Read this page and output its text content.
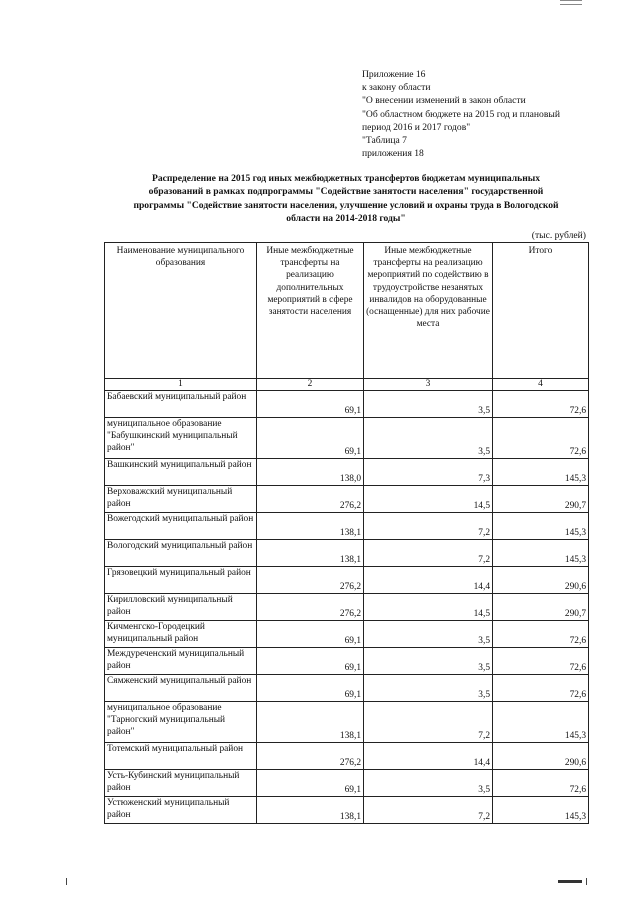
Приложение 16
к закону области
"О внесении изменений в закон области
"Об областном бюджете на 2015 год и плановый
период 2016 и 2017 годов"
"Таблица 7
приложения 18
Распределение на 2015 год иных межбюджетных трансфертов бюджетам муниципальных
образований в рамках подпрограммы "Содействие занятости населения" государственной
программы "Содействие занятости населения, улучшение условий и охраны труда в Вологодской
области на 2014-2018 годы"
(тыс. рублей)
Наименование муниципального образования	Иные межбюджетные трансферты на реализацию дополнительных мероприятий в сфере занятости населения	Иные межбюджетные трансферты на реализацию мероприятий по содействию в трудоустройстве незанятых инвалидов на оборудованные (оснащенные) для них рабочие места	Итого
1	2	3	4
Бабаевский муниципальный район	69,1	3,5	72,6
муниципальное образование "Бабушкинский муниципальный район"	69,1	3,5	72,6
Вашкинский муниципальный район	138,0	7,3	145,3
Верховажский муниципальный район	276,2	14,5	290,7
Вожегодский муниципальный район	138,1	7,2	145,3
Вологодский муниципальный район	138,1	7,2	145,3
Грязовецкий муниципальный район	276,2	14,4	290,6
Кирилловский муниципальный район	276,2	14,5	290,7
Кичменгско-Городецкий муниципальный район	69,1	3,5	72,6
Междуреченский муниципальный район	69,1	3,5	72,6
Сямженский муниципальный район	69,1	3,5	72,6
муниципальное образование "Тарногский муниципальный район"	138,1	7,2	145,3
Тотемский муниципальный район	276,2	14,4	290,6
Усть-Кубинский муниципальный район	69,1	3,5	72,6
Устюженский муниципальный район	138,1	7,2	145,3
